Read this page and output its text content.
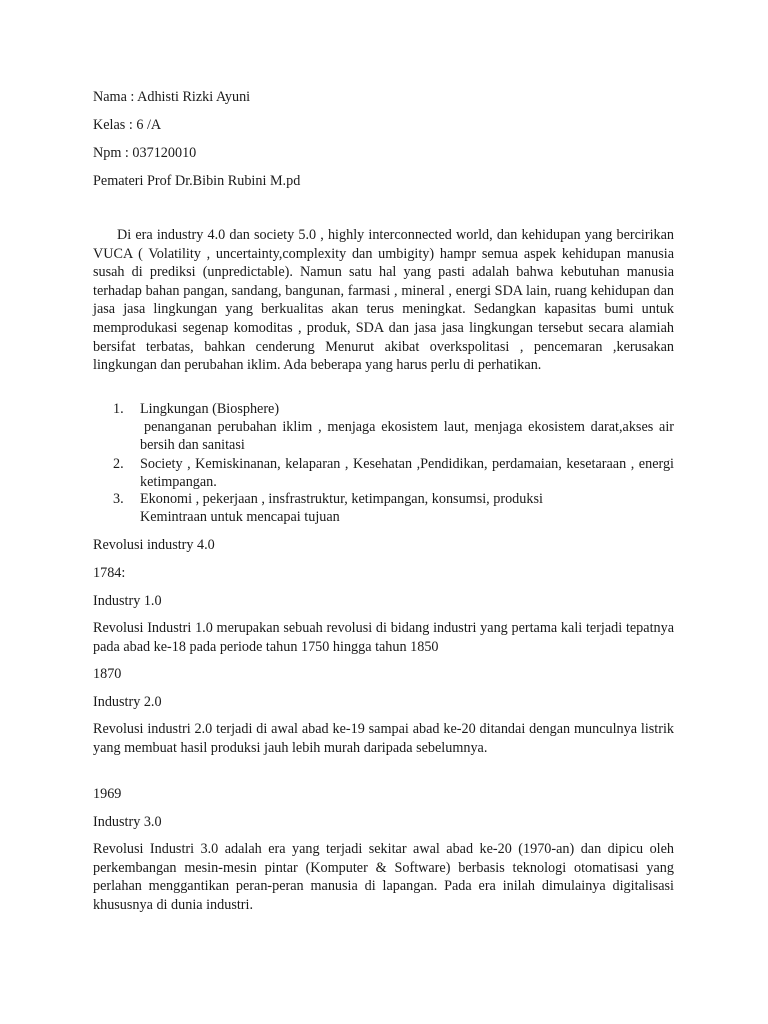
Nama : Adhisti Rizki Ayuni
Kelas : 6 /A
Npm : 037120010
Pemateri Prof Dr.Bibin Rubini M.pd
Di era industry 4.0 dan society 5.0 , highly interconnected world, dan kehidupan yang bercirikan VUCA ( Volatility , uncertainty,complexity dan umbigity) hampr semua aspek kehidupan manusia susah di prediksi (unpredictable). Namun satu hal yang pasti adalah bahwa kebutuhan manusia terhadap bahan pangan, sandang, bangunan, farmasi , mineral , energi SDA lain, ruang kehidupan dan jasa jasa lingkungan yang berkualitas akan terus meningkat. Sedangkan kapasitas bumi untuk memprodukasi segenap komoditas , produk, SDA dan jasa jasa lingkungan tersebut secara alamiah bersifat terbatas, bahkan cenderung Menurut akibat overkspolitasi , pencemaran ,kerusakan lingkungan dan perubahan iklim. Ada beberapa yang harus perlu di perhatikan.
1.	Lingkungan (Biosphere)
penanganan perubahan iklim , menjaga ekosistem laut, menjaga ekosistem darat,akses air bersih dan sanitasi
2.	Society , Kemiskinanan, kelaparan , Kesehatan ,Pendidikan, perdamaian, kesetaraan , energi ketimpangan.
3.	Ekonomi , pekerjaan , insfrastruktur, ketimpangan, konsumsi, produksi
Kemintraan untuk mencapai tujuan
Revolusi industry 4.0
1784:
Industry 1.0
Revolusi Industri 1.0 merupakan sebuah revolusi di bidang industri yang pertama kali terjadi tepatnya pada abad ke-18 pada periode tahun 1750 hingga tahun 1850
1870
Industry 2.0
Revolusi industri 2.0 terjadi di awal abad ke-19 sampai abad ke-20 ditandai dengan munculnya listrik yang membuat hasil produksi jauh lebih murah daripada sebelumnya.
1969
Industry 3.0
Revolusi Industri 3.0 adalah era yang terjadi sekitar awal abad ke-20 (1970-an) dan dipicu oleh perkembangan mesin-mesin pintar (Komputer & Software) berbasis teknologi otomatisasi yang perlahan menggantikan peran-peran manusia di lapangan. Pada era inilah dimulainya digitalisasi khususnya di dunia industri.
